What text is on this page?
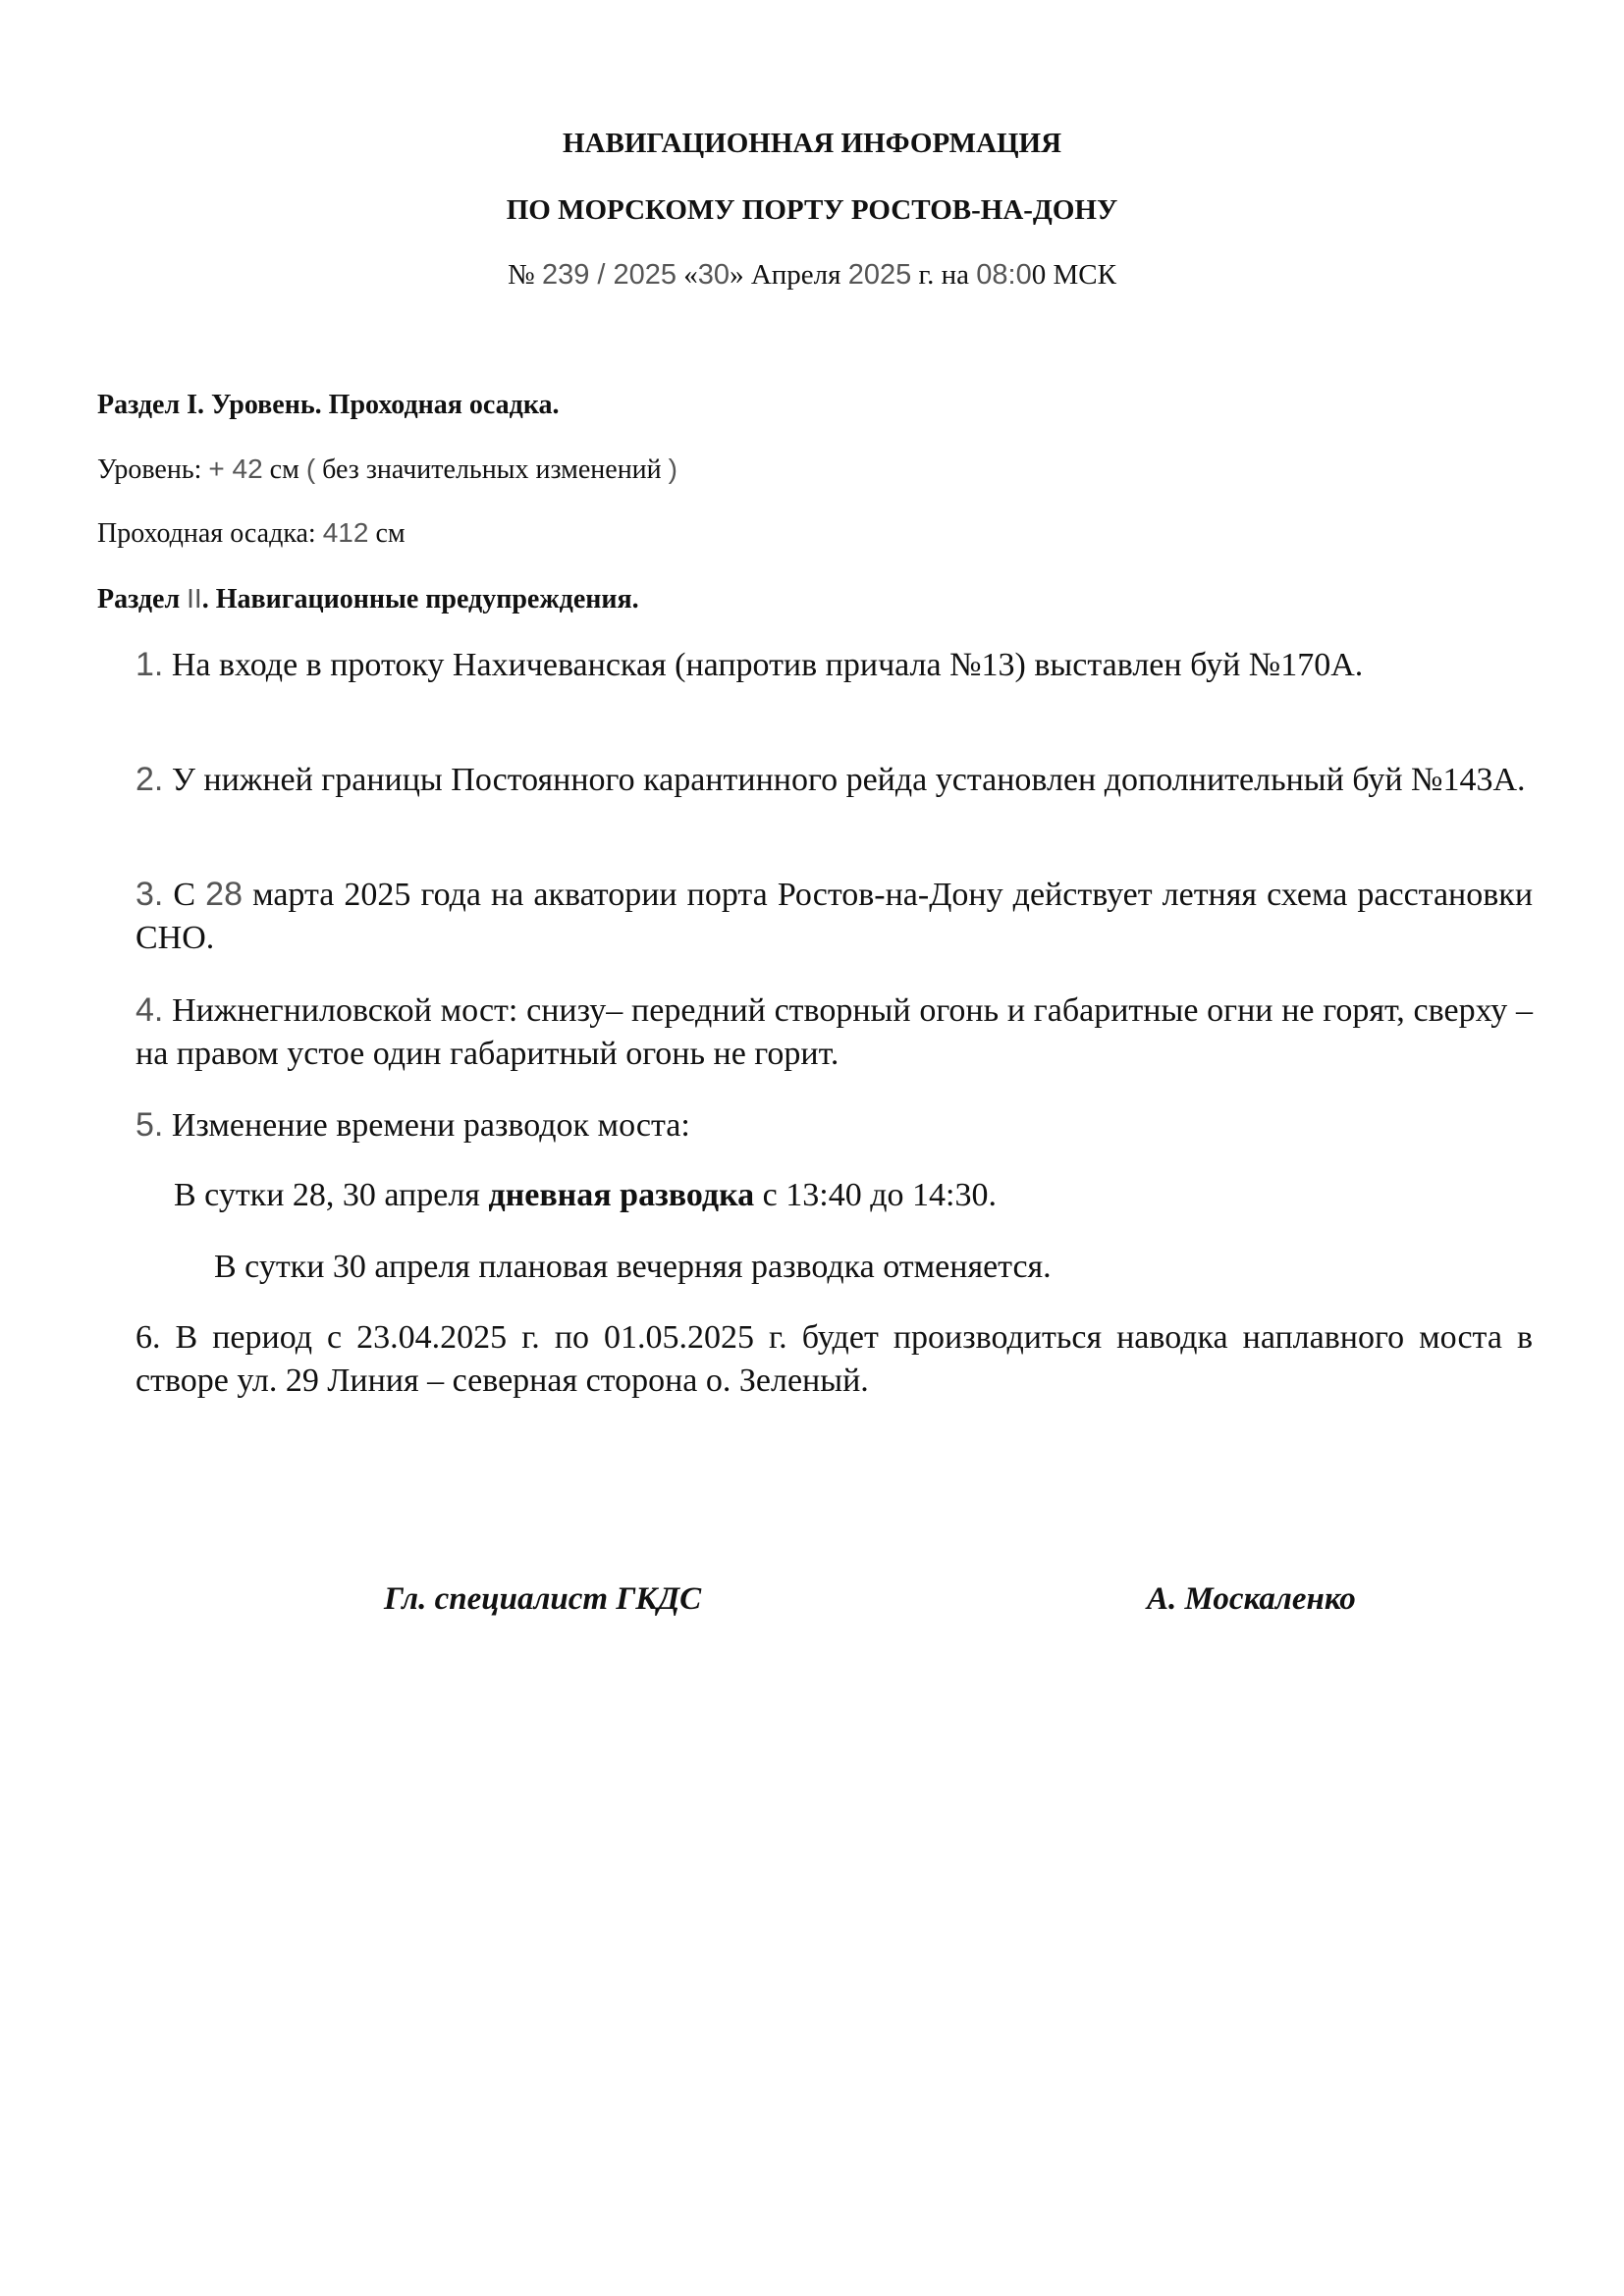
НАВИГАЦИОННАЯ ИНФОРМАЦИЯ
ПО МОРСКОМУ ПОРТУ РОСТОВ-НА-ДОНУ
№ 239 / 2025 «30» Апреля 2025 г. на 08:00 МСК
Раздел I. Уровень. Проходная осадка.
Уровень: + 42 см ( без значительных изменений )
Проходная осадка: 412 см
Раздел II. Навигационные предупреждения.
1. На входе в протоку Нахичеванская (напротив причала №13) выставлен буй №170А.
2. У нижней границы Постоянного карантинного рейда установлен дополнительный буй №143А.
3. С 28 марта 2025 года на акватории порта Ростов-на-Дону действует летняя схема расстановки СНО.
4. Нижнегниловской мост: снизу– передний створный огонь и габаритные огни не горят, сверху – на правом устое один габаритный огонь не горит.
5. Изменение времени разводок моста:
В сутки 28, 30 апреля дневная разводка с 13:40 до 14:30.
В сутки 30 апреля плановая вечерняя разводка отменяется.
6. В период с 23.04.2025 г. по 01.05.2025 г. будет производиться наводка наплавного моста в створе ул. 29 Линия – северная сторона о. Зеленый.
Гл. специалист ГКДС	А. Москаленко
